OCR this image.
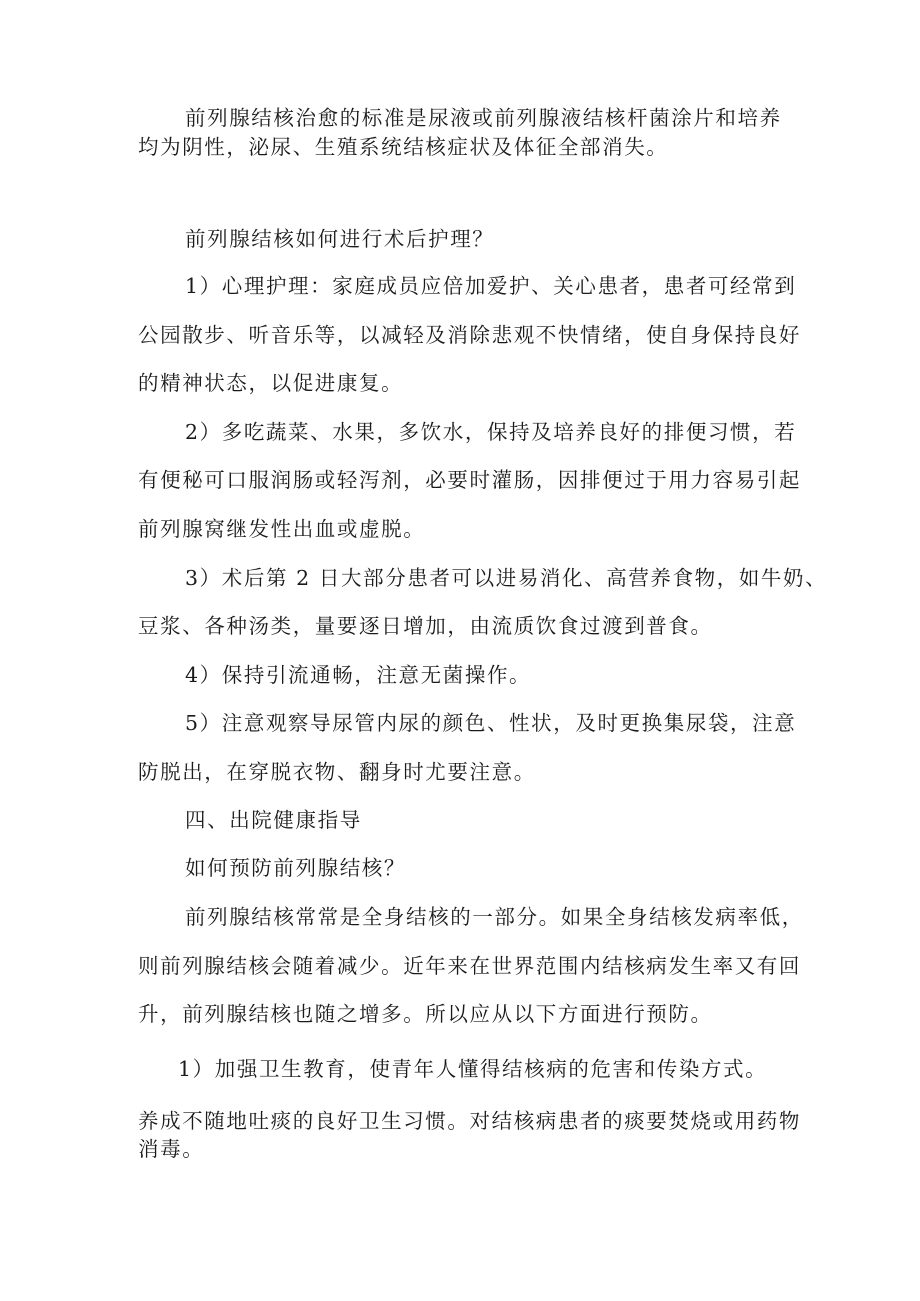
前列腺结核治愈的标准是尿液或前列腺液结核杆菌涂片和培养
均为阴性，泌尿、生殖系统结核症状及体征全部消失。
前列腺结核如何进行术后护理？
1）心理护理：家庭成员应倍加爱护、关心患者，患者可经常到
公园散步、听音乐等，以减轻及消除悲观不快情绪，使自身保持良好
的精神状态，以促进康复。
2）多吃蔬菜、水果，多饮水，保持及培养良好的排便习惯，若
有便秘可口服润肠或轻泻剂，必要时灌肠，因排便过于用力容易引起
前列腺窝继发性出血或虚脱。
3）术后第 2 日大部分患者可以进易消化、高营养食物，如牛奶、
豆浆、各种汤类，量要逐日增加，由流质饮食过渡到普食。
4）保持引流通畅，注意无菌操作。
5）注意观察导尿管内尿的颜色、性状，及时更换集尿袋，注意
防脱出，在穿脱衣物、翻身时尤要注意。
四、出院健康指导
如何预防前列腺结核？
前列腺结核常常是全身结核的一部分。如果全身结核发病率低，
则前列腺结核会随着减少。近年来在世界范围内结核病发生率又有回
升，前列腺结核也随之增多。所以应从以下方面进行预防。
1）加强卫生教育，使青年人懂得结核病的危害和传染方式。
养成不随地吐痰的良好卫生习惯。对结核病患者的痰要焚烧或用药物
消毒。
